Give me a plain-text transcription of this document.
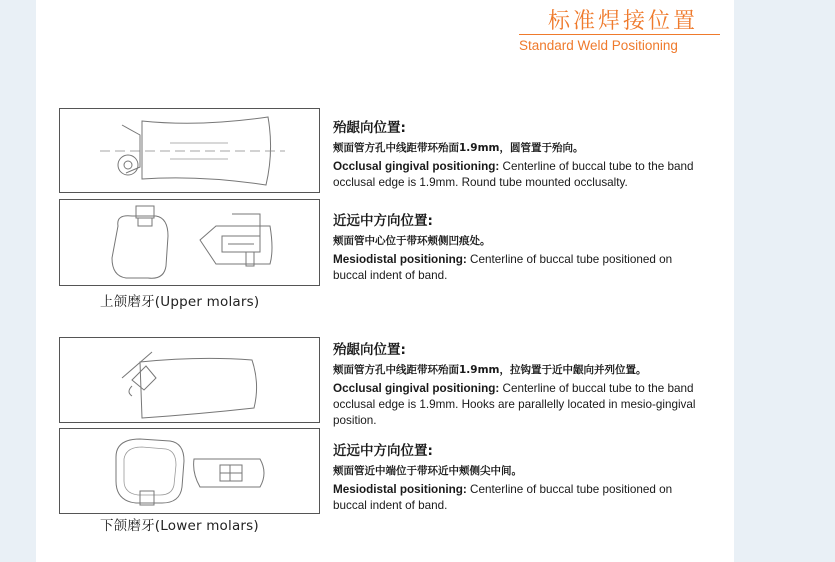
标准焊接位置
Standard Weld Positioning
上颌磨牙(Upper molars)
殆龈向位置:
颊面管方孔中线距带环殆面1.9mm，圆管置于殆向。

Occlusal gingival positioning: Centerline of buccal tube to the band occlusal edge is 1.9mm. Round tube mounted occlusalty.

近远中方向位置:
颊面管中心位于带环颊侧凹痕处。

Mesiodistal positioning: Centerline of buccal tube positioned on buccal indent of band.

下颌磨牙(Lower molars)
殆龈向位置:
颊面管方孔中线距带环殆面1.9mm，拉钩置于近中龈向并列位置。

Occlusal gingival positioning: Centerline of buccal tube to the band occlusal edge is 1.9mm. Hooks are parallelly located in mesio-gingival position.

近远中方向位置:
颊面管近中端位于带环近中颊侧尖中间。

Mesiodistal positioning: Centerline of buccal tube positioned on buccal indent of band.
